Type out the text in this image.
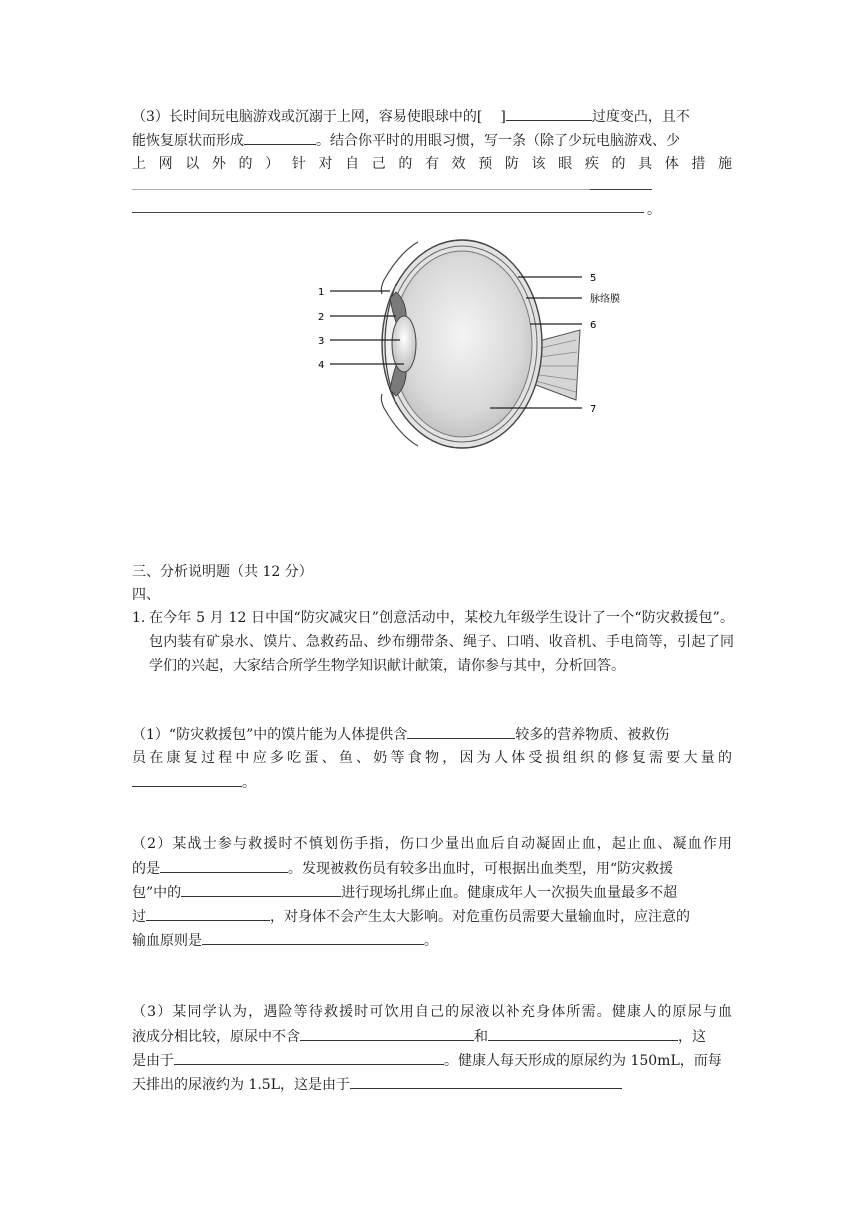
（3）长时间玩电脑游戏或沉溺于上网，容易使眼球中的[ ]	过度变凸，且不
能恢复原状而形成	。结合你平时的用眼习惯，写一条（除了少玩电脑游戏、少
上网以外的）针对自己的有效预防该眼疾的具体措施
。
1
2
3
4
5
脉络膜
6
7
三、分析说明题（共 12 分）
四、
1. 在今年 5 月 12 日中国“防灾减灾日”创意活动中，某校九年级学生设计了一个“防灾救援包”。包内装有矿泉水、馍片、急救药品、纱布绷带条、绳子、口哨、收音机、手电筒等，引起了同学们的兴起，大家结合所学生物学知识献计献策，请你参与其中，分析回答。
（1）“防灾救援包”中的馍片能为人体提供含	较多的营养物质、被救伤
员在康复过程中应多吃蛋、鱼、奶等食物，因为人体受损组织的修复需要大量的
。
（2）某战士参与救援时不慎划伤手指，伤口少量出血后自动凝固止血，起止血、凝血作用
的是	。发现被救伤员有较多出血时，可根据出血类型，用“防灾救援
包”中的	进行现场扎绑止血。健康成年人一次损失血量最多不超
过	，对身体不会产生太大影响。对危重伤员需要大量输血时，应注意的
输血原则是	。
（3）某同学认为，遇险等待救援时可饮用自己的尿液以补充身体所需。健康人的原尿与血
液成分相比较，原尿中不含	和	，这
是由于	。健康人每天形成的原尿约为 150mL，而每
天排出的尿液约为 1.5L，这是由于
